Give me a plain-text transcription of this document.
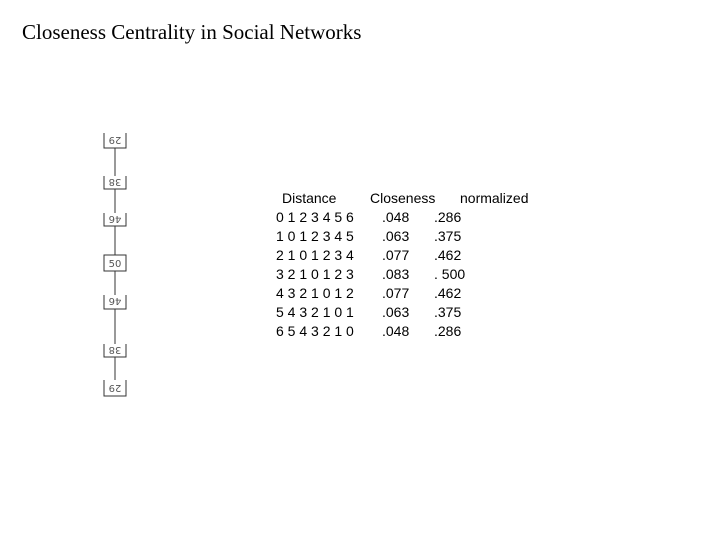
Closeness Centrality in Social Networks
29
38
46
50
46
38
29
Distance Closeness normalized
0 1 2 3 4 5 6 .048 .286
1 0 1 2 3 4 5 .063 .375
2 1 0 1 2 3 4 .077 .462
3 2 1 0 1 2 3 .083 . 500
4 3 2 1 0 1 2 .077 .462
5 4 3 2 1 0 1 .063 .375
6 5 4 3 2 1 0 .048 .286
